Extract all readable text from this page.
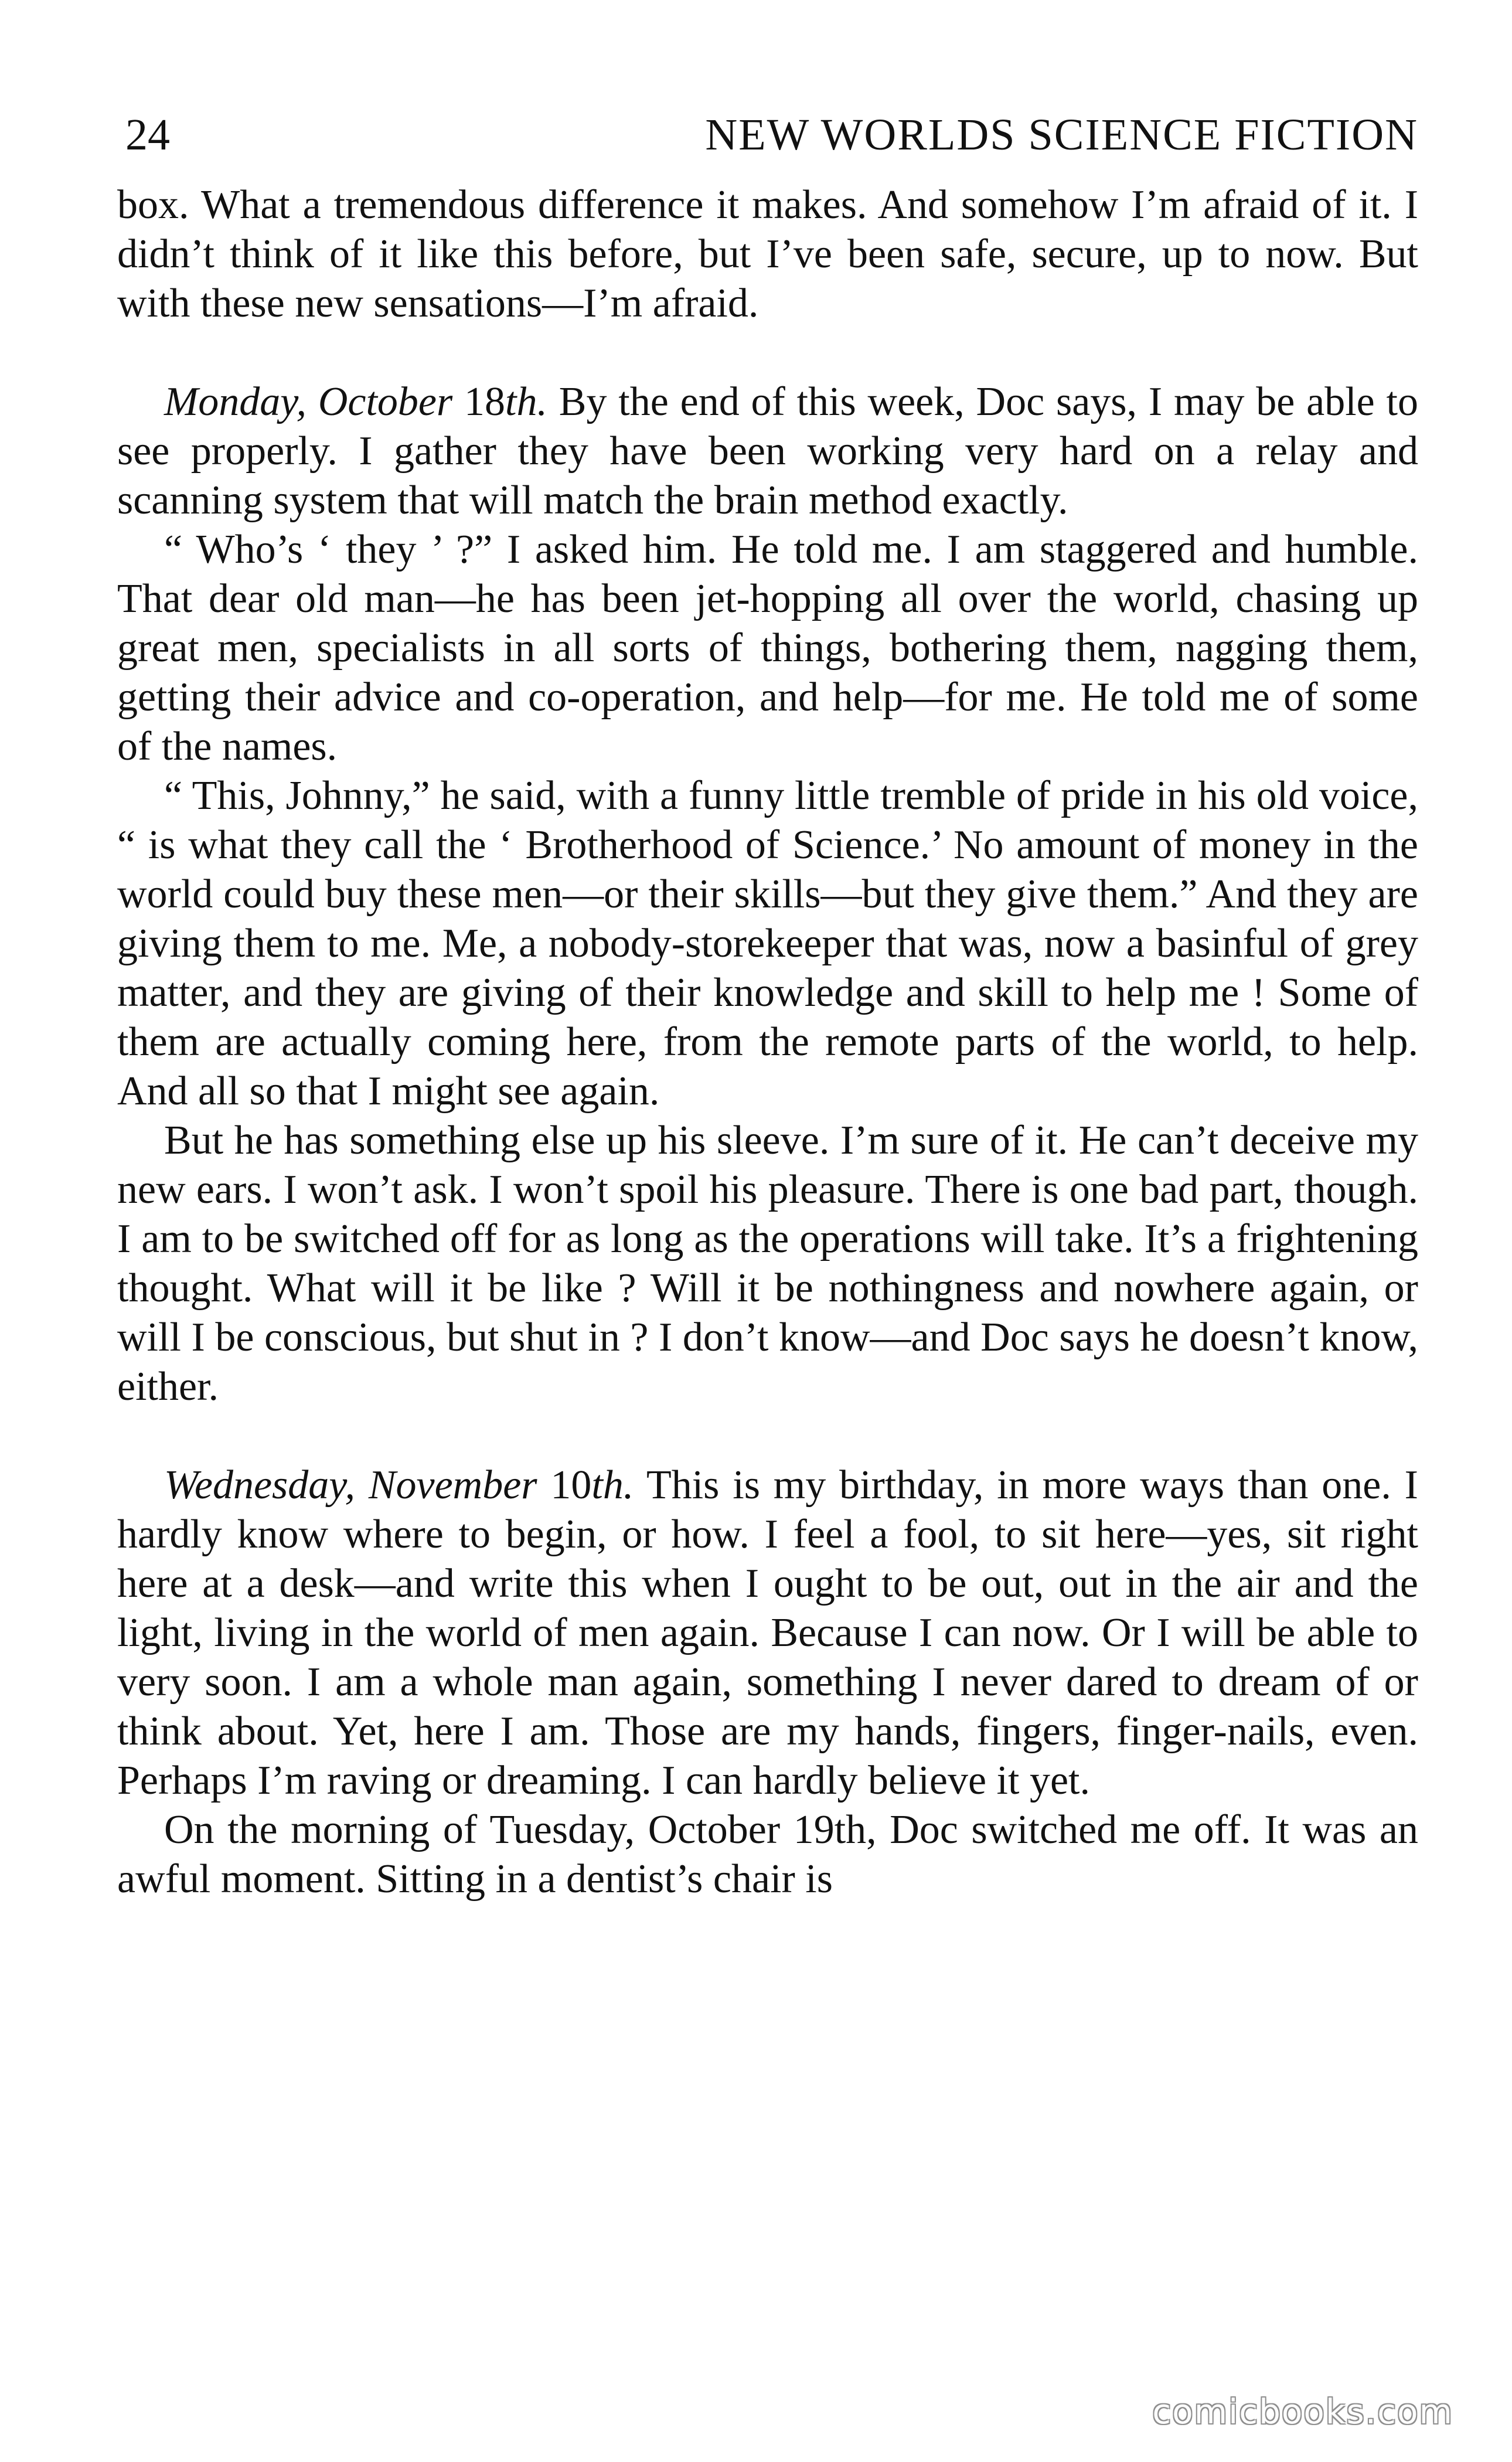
24	NEW WORLDS SCIENCE FICTION

box. What a tremendous difference it makes. And somehow I’m afraid of it. I didn’t think of it like this before, but I’ve been safe, secure, up to now. But with these new sensations—I’m afraid.

Monday, October 18th. By the end of this week, Doc says, I may be able to see properly. I gather they have been working very hard on a relay and scanning system that will match the brain method exactly.

“ Who’s ‘ they ’ ?” I asked him. He told me. I am staggered and humble. That dear old man—he has been jet-hopping all over the world, chasing up great men, specialists in all sorts of things, bothering them, nagging them, getting their advice and co-operation, and help—for me. He told me of some of the names.

“ This, Johnny,” he said, with a funny little tremble of pride in his old voice, “ is what they call the ‘ Brotherhood of Science.’ No amount of money in the world could buy these men—or their skills—but they give them.” And they are giving them to me. Me, a nobody-storekeeper that was, now a basinful of grey matter, and they are giving of their knowledge and skill to help me ! Some of them are actually coming here, from the remote parts of the world, to help. And all so that I might see again.

But he has something else up his sleeve. I’m sure of it. He can’t deceive my new ears. I won’t ask. I won’t spoil his pleasure. There is one bad part, though. I am to be switched off for as long as the operations will take. It’s a frightening thought. What will it be like ? Will it be nothingness and nowhere again, or will I be conscious, but shut in ? I don’t know—and Doc says he doesn’t know, either.

Wednesday, November 10th. This is my birthday, in more ways than one. I hardly know where to begin, or how. I feel a fool, to sit here—yes, sit right here at a desk—and write this when I ought to be out, out in the air and the light, living in the world of men again. Because I can now. Or I will be able to very soon. I am a whole man again, something I never dared to dream of or think about. Yet, here I am. Those are my hands, fingers, finger-nails, even. Perhaps I’m raving or dreaming. I can hardly believe it yet.

On the morning of Tuesday, October 19th, Doc switched me off. It was an awful moment. Sitting in a dentist’s chair is

comicbooks.com
